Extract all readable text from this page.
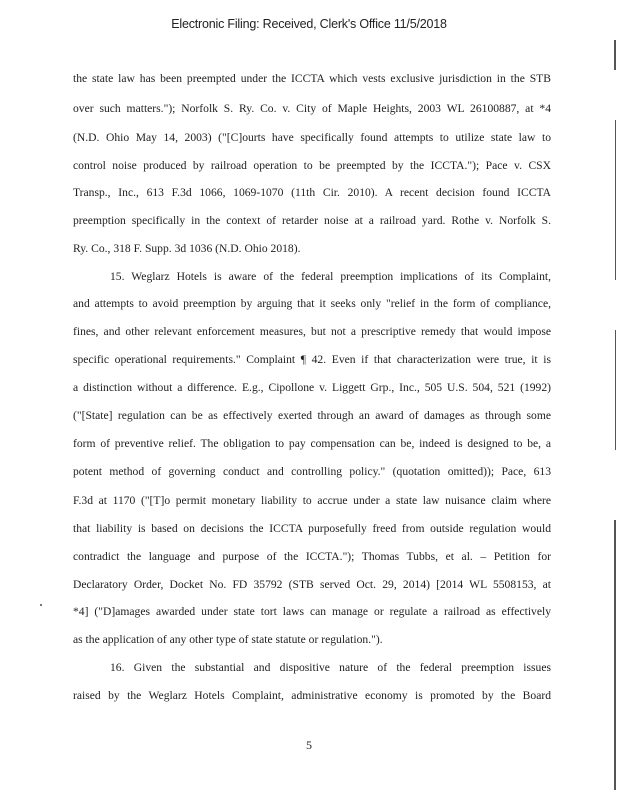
Electronic Filing: Received, Clerk's Office 11/5/2018
the state law has been preempted under the ICCTA which vests exclusive jurisdiction in the STB
over such matters."); Norfolk S. Ry. Co. v. City of Maple Heights, 2003 WL 26100887, at *4
(N.D. Ohio May 14, 2003) ("[C]ourts have specifically found attempts to utilize state law to
control noise produced by railroad operation to be preempted by the ICCTA."); Pace v. CSX
Transp., Inc., 613 F.3d 1066, 1069-1070 (11th Cir. 2010). A recent decision found ICCTA
preemption specifically in the context of retarder noise at a railroad yard. Rothe v. Norfolk S.
Ry. Co., 318 F. Supp. 3d 1036 (N.D. Ohio 2018).
15. Weglarz Hotels is aware of the federal preemption implications of its Complaint,
and attempts to avoid preemption by arguing that it seeks only "relief in the form of compliance,
fines, and other relevant enforcement measures, but not a prescriptive remedy that would impose
specific operational requirements." Complaint ¶ 42. Even if that characterization were true, it is
a distinction without a difference. E.g., Cipollone v. Liggett Grp., Inc., 505 U.S. 504, 521 (1992)
("[State] regulation can be as effectively exerted through an award of damages as through some
form of preventive relief. The obligation to pay compensation can be, indeed is designed to be, a
potent method of governing conduct and controlling policy." (quotation omitted)); Pace, 613
F.3d at 1170 ("[T]o permit monetary liability to accrue under a state law nuisance claim where
that liability is based on decisions the ICCTA purposefully freed from outside regulation would
contradict the language and purpose of the ICCTA."); Thomas Tubbs, et al. – Petition for
Declaratory Order, Docket No. FD 35792 (STB served Oct. 29, 2014) [2014 WL 5508153, at
*4] ("D]amages awarded under state tort laws can manage or regulate a railroad as effectively
as the application of any other type of state statute or regulation.").
16. Given the substantial and dispositive nature of the federal preemption issues
raised by the Weglarz Hotels Complaint, administrative economy is promoted by the Board
5
